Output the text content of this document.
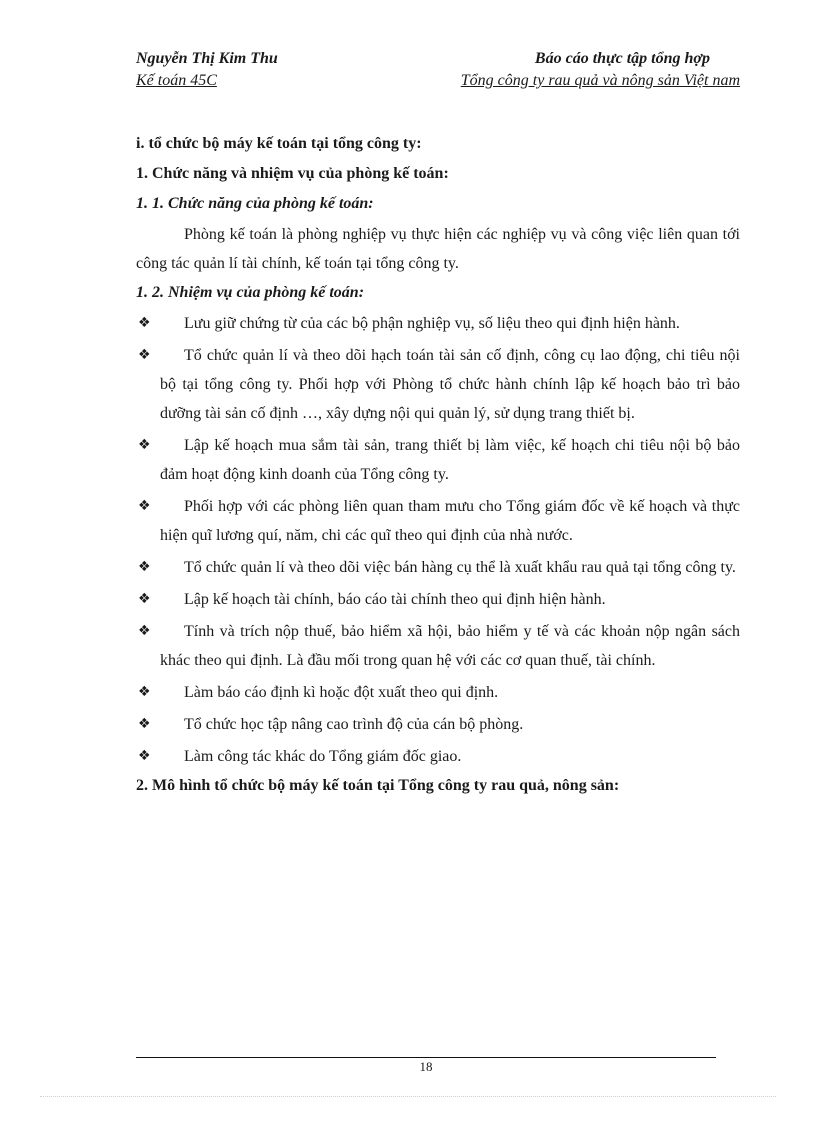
Nguyễn Thị Kim Thu	Báo cáo thực tập tổng hợp
Kế toán 45C	Tổng công ty rau quả và nông sản Việt nam

i. tổ chức bộ máy kế toán tại tổng công ty:

1. Chức năng và nhiệm vụ của phòng kế toán:

1. 1. Chức năng của phòng kế toán:

Phòng kế toán là phòng nghiệp vụ thực hiện các nghiệp vụ và công việc liên quan tới công tác quản lí tài chính, kế toán tại tổng công ty.

1. 2. Nhiệm vụ của phòng kế toán:

❖	Lưu giữ chứng từ của các bộ phận nghiệp vụ, số liệu theo qui định hiện hành.
❖	Tổ chức quản lí và theo dõi hạch toán tài sản cố định, công cụ lao động, chi tiêu nội bộ tại tổng công ty. Phối hợp với Phòng tổ chức hành chính lập kế hoạch bảo trì bảo dưỡng tài sản cố định …, xây dựng nội qui quản lý, sử dụng trang thiết bị.
❖	Lập kế hoạch mua sắm tài sản, trang thiết bị làm việc, kế hoạch chi tiêu nội bộ bảo đảm hoạt động kinh doanh của Tổng công ty.
❖	Phối hợp với các phòng liên quan tham mưu cho Tổng giám đốc về kế hoạch và thực hiện quĩ lương quí, năm, chi các quĩ theo qui định của nhà nước.
❖	Tổ chức quản lí và theo dõi việc bán hàng cụ thể là xuất khẩu rau quả tại tổng công ty.
❖	Lập kế hoạch tài chính, báo cáo tài chính theo qui định hiện hành.
❖	Tính và trích nộp thuế, bảo hiểm xã hội, bảo hiểm y tế và các khoản nộp ngân sách khác theo qui định. Là đầu mối trong quan hệ với các cơ quan thuế, tài chính.
❖	Làm báo cáo định kì hoặc đột xuất theo qui định.
❖	Tổ chức học tập nâng cao trình độ của cán bộ phòng.
❖	Làm công tác khác do Tổng giám đốc giao.

2. Mô hình tổ chức bộ máy kế toán tại Tổng công ty rau quả, nông sản:

18
